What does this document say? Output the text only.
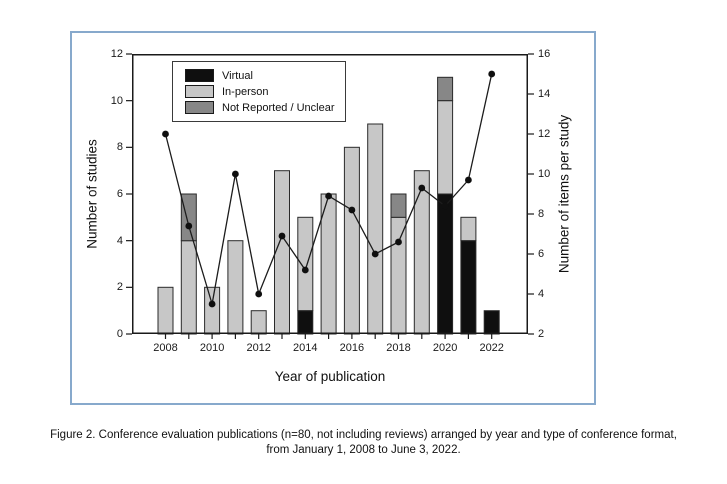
0
2
4
6
8
10
12
2
4
6
8
10
12
14
16
2008 2010 2012 2014 2016 2018 2020 2022
Number of studies	Number of items per study
Year of publication
Virtual
In-person
Not Reported / Unclear
Figure 2. Conference evaluation publications (n=80, not including reviews) arranged by year and type of conference format,
from January 1, 2008 to June 3, 2022.
